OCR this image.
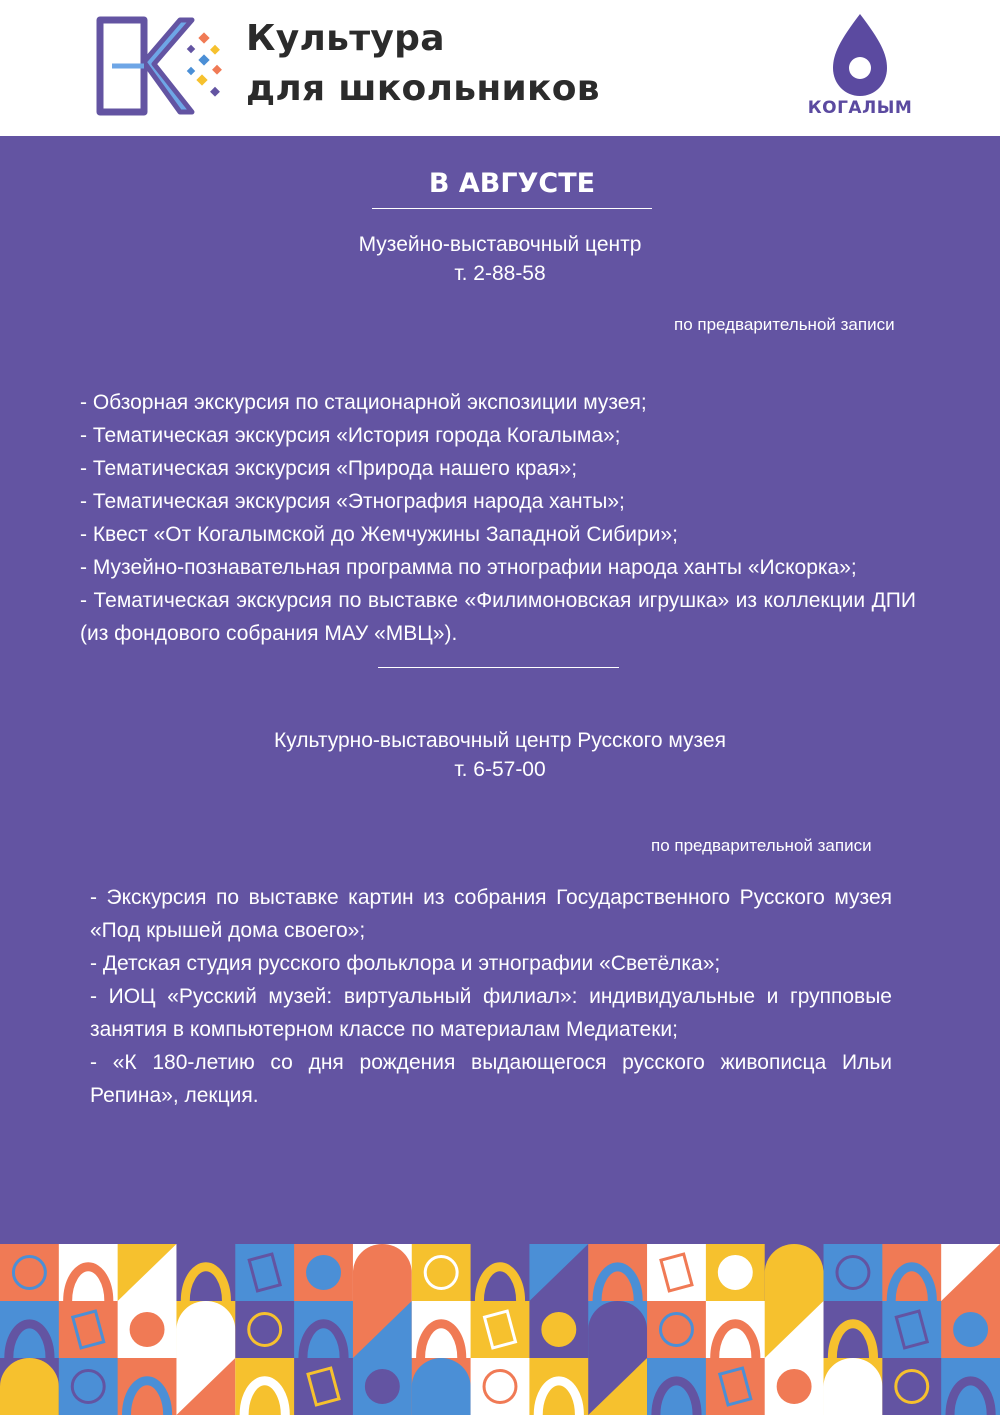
Культура
для школьников	КОГАЛЫМ
В АВГУСТЕ
Музейно-выставочный центр
т. 2-88-58
по предварительной записи
- Обзорная экскурсия по стационарной экспозиции музея;
- Тематическая экскурсия «История города Когалыма»;
- Тематическая экскурсия «Природа нашего края»;
- Тематическая экскурсия «Этнография народа ханты»;
- Квест «От Когалымской до Жемчужины Западной Сибири»;
- Музейно-познавательная программа по этнографии народа ханты «Искорка»;
- Тематическая экскурсия по выставке «Филимоновская игрушка» из коллекции ДПИ (из фондового собрания МАУ «МВЦ»).
Культурно-выставочный центр Русского музея
т. 6-57-00
по предварительной записи
- Экскурсия по выставке картин из собрания Государственного Русского музея «Под крышей дома своего»;
- Детская студия русского фольклора и этнографии «Светёлка»;
- ИОЦ «Русский музей: виртуальный филиал»: индивидуальные и групповые занятия в компьютерном классе по материалам Медиатеки;
- «К 180-летию со дня рождения выдающегося русского живописца Ильи Репина», лекция.
